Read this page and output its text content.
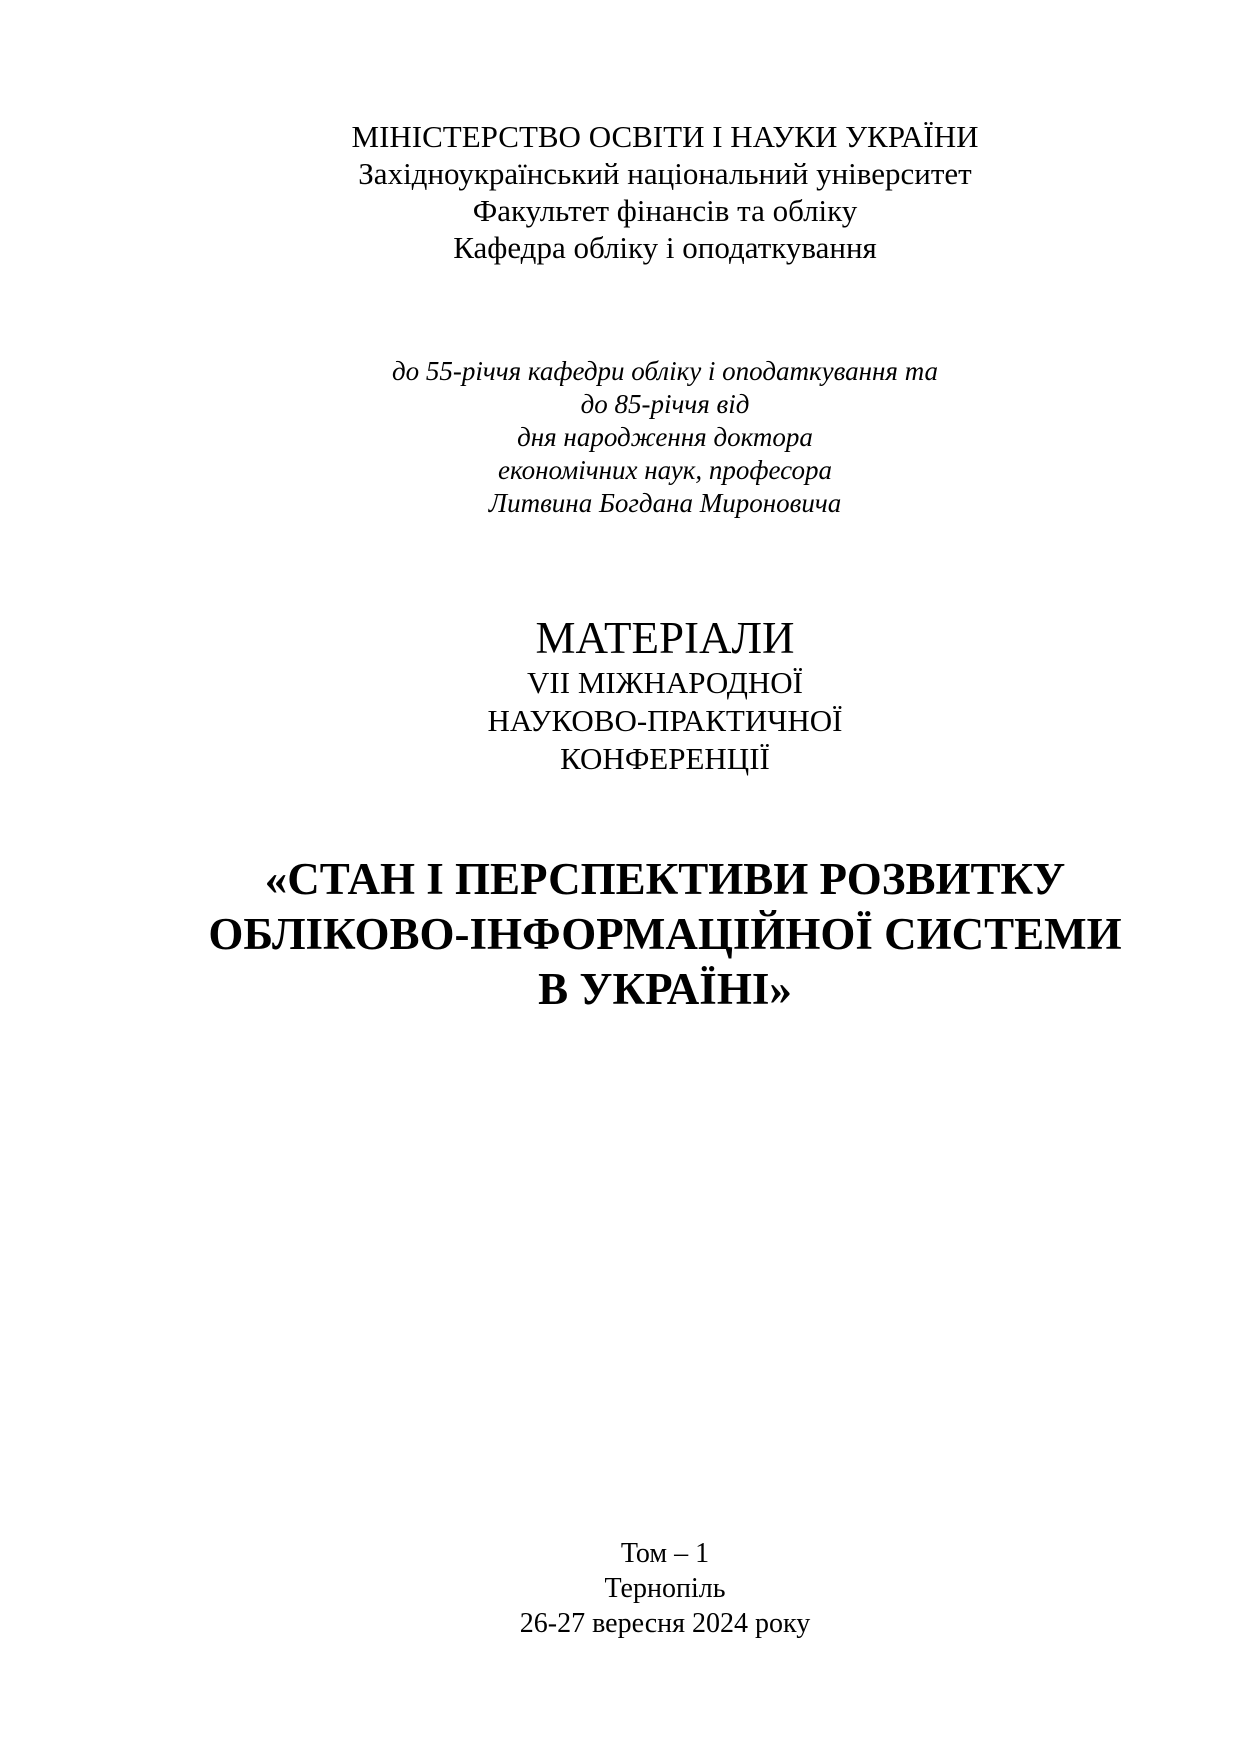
МІНІСТЕРСТВО ОСВІТИ І НАУКИ УКРАЇНИ
Західноукраїнський національний університет
Факультет фінансів та обліку
Кафедра обліку і оподаткування
до 55-річчя кафедри обліку і оподаткування та
до 85-річчя від
дня народження доктора
економічних наук, професора
Литвина Богдана Мироновича
МАТЕРІАЛИ
VІІ МІЖНАРОДНОЇ
НАУКОВО-ПРАКТИЧНОЇ
КОНФЕРЕНЦІЇ
«СТАН І ПЕРСПЕКТИВИ РОЗВИТКУ
ОБЛІКОВО-ІНФОРМАЦІЙНОЇ СИСТЕМИ
В УКРАЇНІ»
Том – 1
Тернопіль
26-27 вересня 2024 року
